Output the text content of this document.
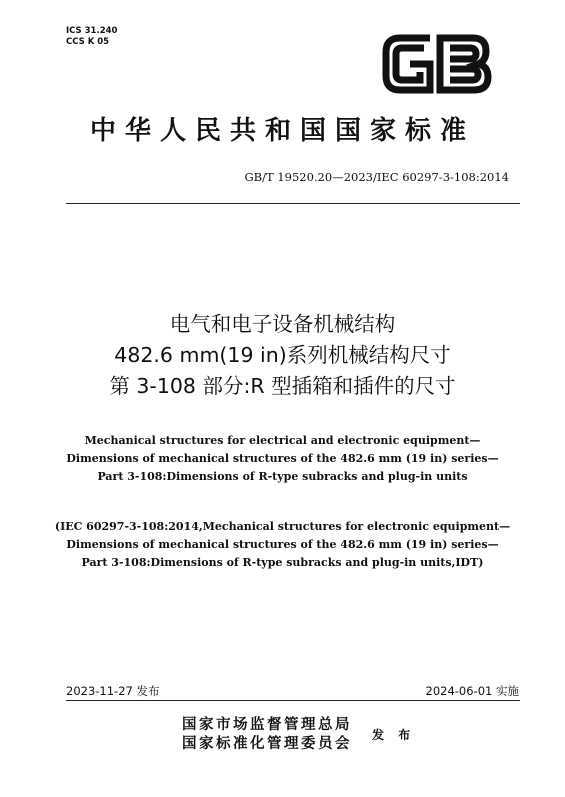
ICS 31.240
CCS K 05
中华人民共和国国家标准
GB/T 19520.20—2023/IEC 60297-3-108:2014
电气和电子设备机械结构
482.6 mm(19 in)系列机械结构尺寸
第 3-108 部分:R 型插箱和插件的尺寸
Mechanical structures for electrical and electronic equipment—
Dimensions of mechanical structures of the 482.6 mm (19 in) series—
Part 3-108:Dimensions of R-type subracks and plug-in units
(IEC 60297-3-108:2014,Mechanical structures for electronic equipment—
Dimensions of mechanical structures of the 482.6 mm (19 in) series—
Part 3-108:Dimensions of R-type subracks and plug-in units,IDT)
2023-11-27 发布	2024-06-01 实施
国家市场监督管理总局
国家标准化管理委员会
发 布
